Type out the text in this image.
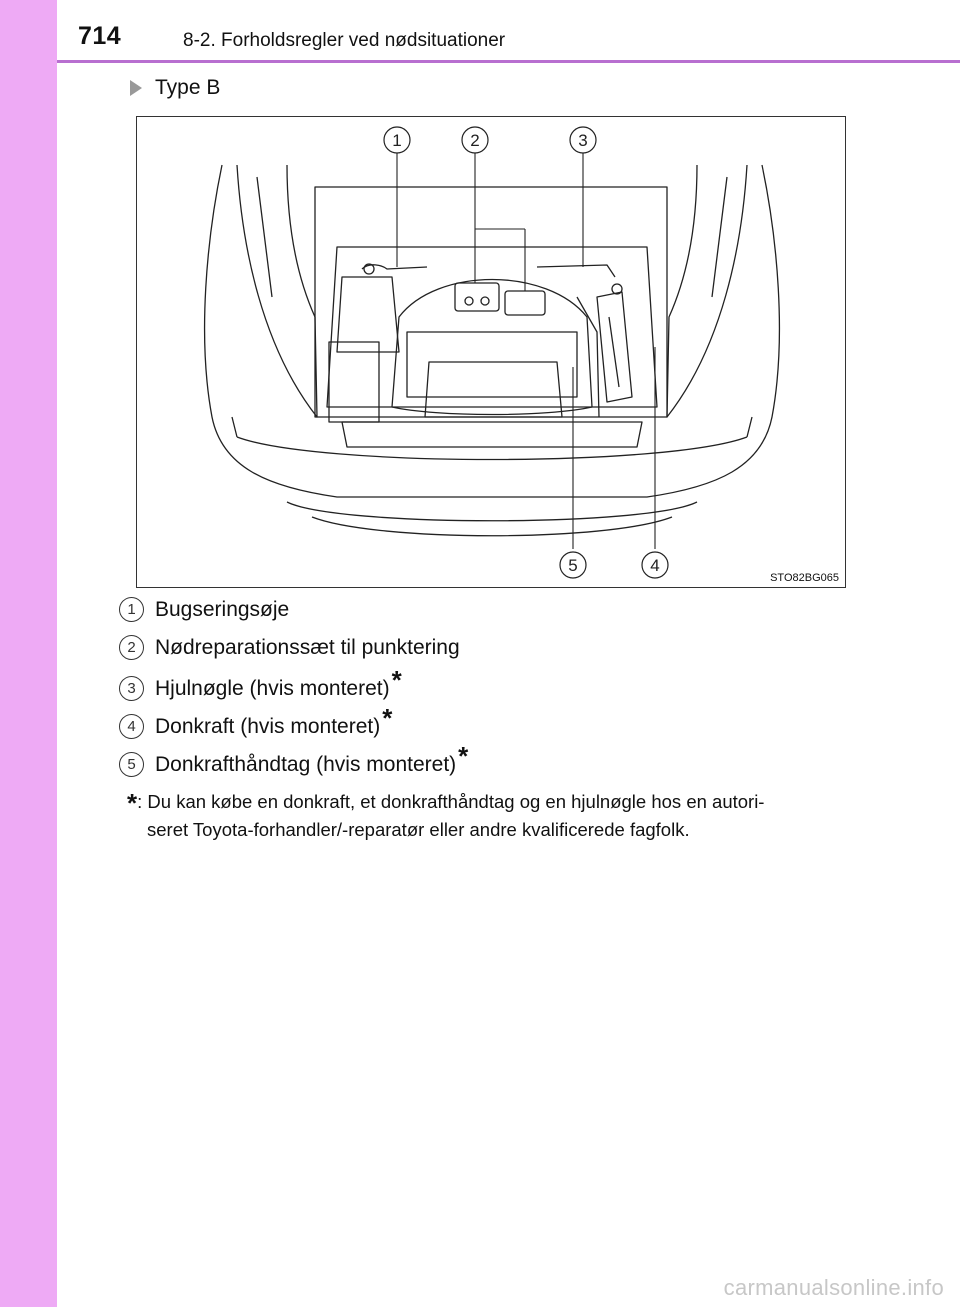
714	8-2. Forholdsregler ved nødsituationer
Type B
1	2	3
4
5
STO82BG065
1 Bugseringsøje
2 Nødreparationssæt til punktering
3 Hjulnøgle (hvis monteret) *
4 Donkraft (hvis monteret) *
5 Donkrafthåndtag (hvis monteret) *
*: Du kan købe en donkraft, et donkrafthåndtag og en hjulnøgle hos en autori-
seret Toyota-forhandler/-reparatør eller andre kvalificerede fagfolk.
carmanualsonline.info
